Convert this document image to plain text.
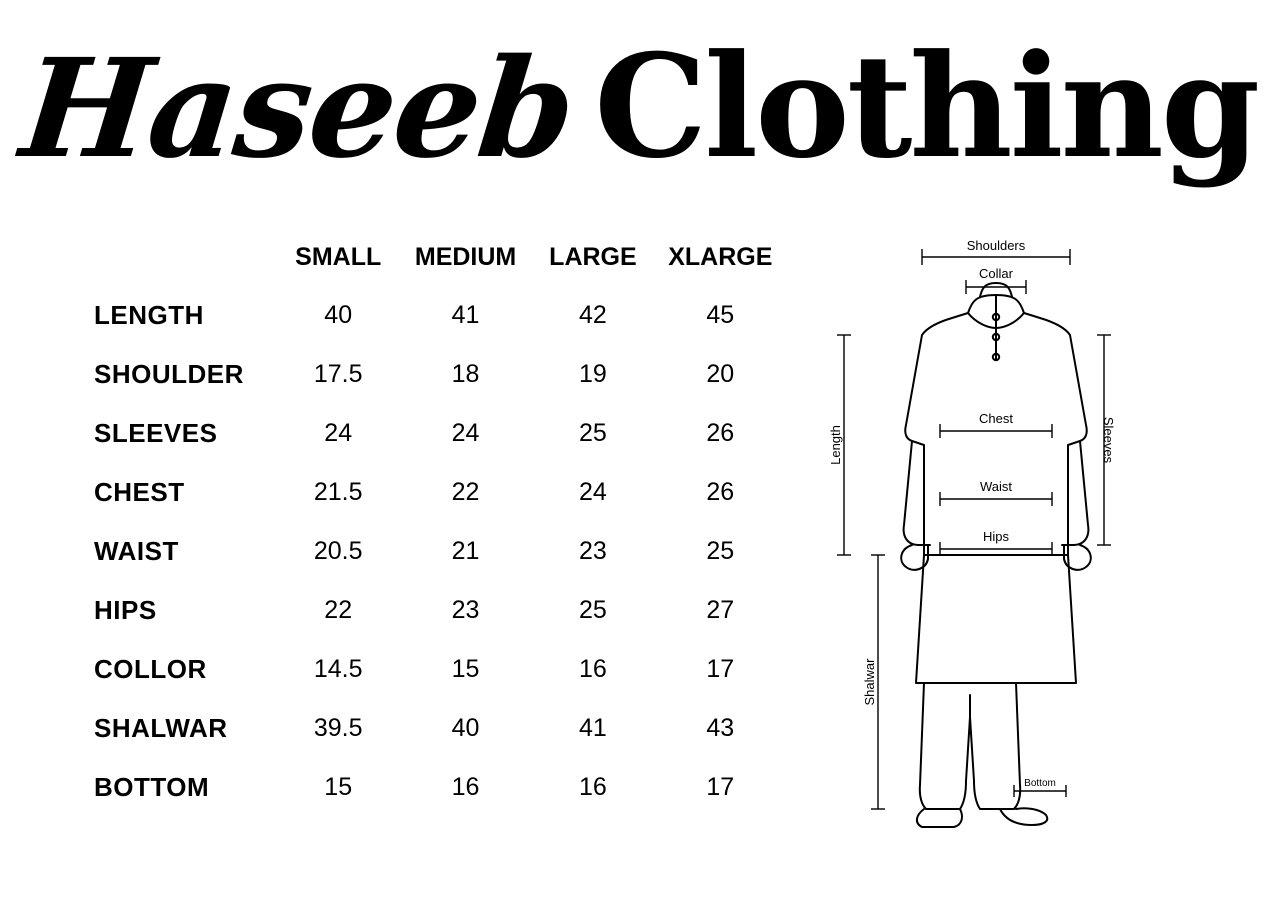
HaseebClothing
	SMALL	MEDIUM	LARGE	XLARGE
LENGTH	40	41	42	45
SHOULDER	17.5	18	19	20
SLEEVES	24	24	25	26
CHEST	21.5	22	24	26
WAIST	20.5	21	23	25
HIPS	22	23	25	27
COLLOR	14.5	15	16	17
SHALWAR	39.5	40	41	43
BOTTOM	15	16	16	17
Shoulders
Collar
Chest
Waist
Hips
Sleeves
Length
Shalwar
Bottom
